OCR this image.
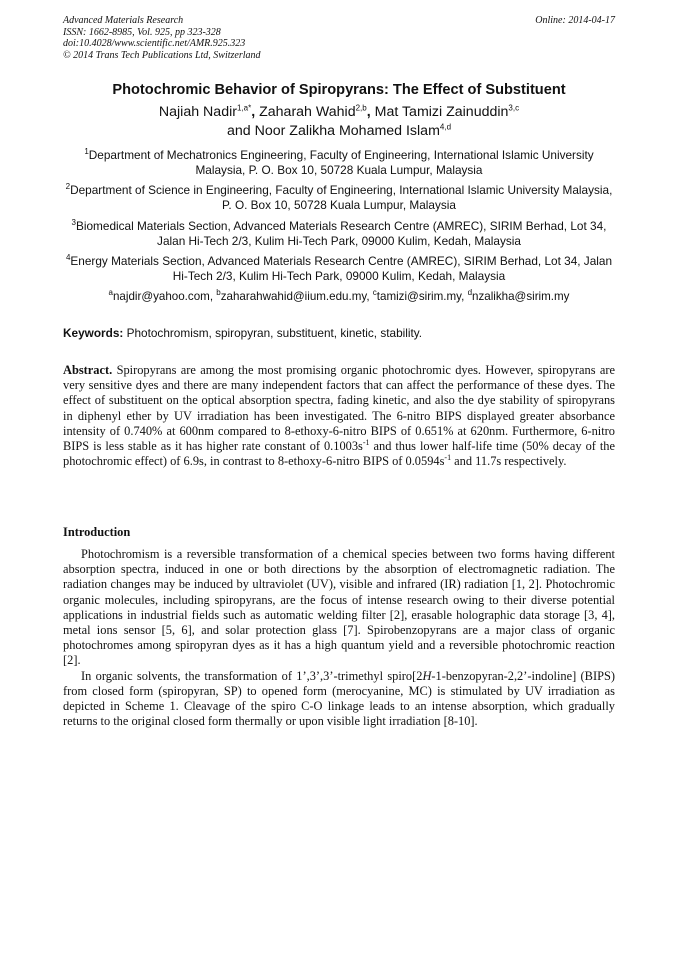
Advanced Materials Research
ISSN: 1662-8985, Vol. 925, pp 323-328
doi:10.4028/www.scientific.net/AMR.925.323
© 2014 Trans Tech Publications Ltd, Switzerland
Online: 2014-04-17
Photochromic Behavior of Spiropyrans: The Effect of Substituent
Najiah Nadir$^{1,a*}$, Zaharah Wahid$^{2,b}$, Mat Tamizi Zainuddin$^{3,c}$
and Noor Zalikha Mohamed Islam$^{4,d}$
$^1$Department of Mechatronics Engineering, Faculty of Engineering, International Islamic University Malaysia, P. O. Box 10, 50728 Kuala Lumpur, Malaysia
$^2$Department of Science in Engineering, Faculty of Engineering, International Islamic University Malaysia, P. O. Box 10, 50728 Kuala Lumpur, Malaysia
$^3$Biomedical Materials Section, Advanced Materials Research Centre (AMREC), SIRIM Berhad, Lot 34, Jalan Hi-Tech 2/3, Kulim Hi-Tech Park, 09000 Kulim, Kedah, Malaysia
$^4$Energy Materials Section, Advanced Materials Research Centre (AMREC), SIRIM Berhad, Lot 34, Jalan Hi-Tech 2/3, Kulim Hi-Tech Park, 09000 Kulim, Kedah, Malaysia
$^a$najdir@yahoo.com, $^b$zaharahwahid@iium.edu.my, $^c$tamizi@sirim.my, $^d$nzalikha@sirim.my
Keywords: Photochromism, spiropyran, substituent, kinetic, stability.
Abstract. Spiropyrans are among the most promising organic photochromic dyes. However, spiropyrans are very sensitive dyes and there are many independent factors that can affect the performance of these dyes. The effect of substituent on the optical absorption spectra, fading kinetic, and also the dye stability of spiropyrans in diphenyl ether by UV irradiation has been investigated. The 6-nitro BIPS displayed greater absorbance intensity of 0.740% at 600nm compared to 8-ethoxy-6-nitro BIPS of 0.651% at 620nm. Furthermore, 6-nitro BIPS is less stable as it has higher rate constant of $0.1003s^{-1}$ and thus lower half-life time (50% decay of the photochromic effect) of 6.9s, in contrast to 8-ethoxy-6-nitro BIPS of $0.0594s^{-1}$ and 11.7s respectively.
Introduction

Photochromism is a reversible transformation of a chemical species between two forms having different absorption spectra, induced in one or both directions by the absorption of electromagnetic radiation. The radiation changes may be induced by ultraviolet (UV), visible and infrared (IR) radiation [1, 2]. Photochromic organic molecules, including spiropyrans, are the focus of intense research owing to their diverse potential applications in industrial fields such as automatic welding filter [2], erasable holographic data storage [3, 4], metal ions sensor [5, 6], and solar protection glass [7]. Spirobenzopyrans are a major class of organic photochromes among spiropyran dyes as it has a high quantum yield and a reversible photochromic reaction [2].

In organic solvents, the transformation of 1’,3’,3’-trimethyl spiro[2H-1-benzopyran-2,2’-indoline] (BIPS) from closed form (spiropyran, SP) to opened form (merocyanine, MC) is stimulated by UV irradiation as depicted in Scheme 1. Cleavage of the spiro C-O linkage leads to an intense absorption, which gradually returns to the original closed form thermally or upon visible light irradiation [8-10].
